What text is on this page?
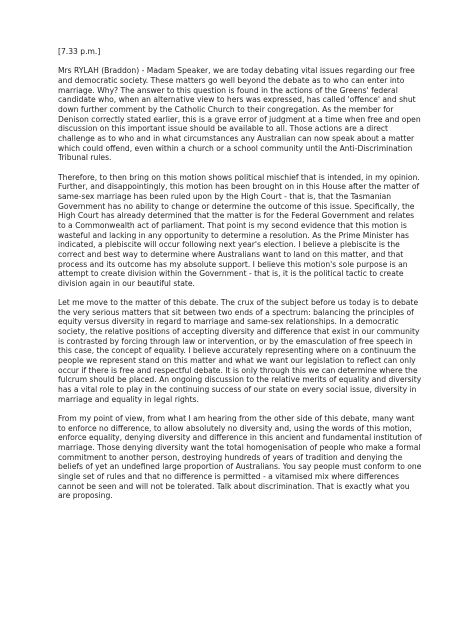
[7.33 p.m.]

Mrs RYLAH (Braddon) - Madam Speaker, we are today debating vital issues regarding our free and democratic society. These matters go well beyond the debate as to who can enter into marriage. Why? The answer to this question is found in the actions of the Greens' federal candidate who, when an alternative view to hers was expressed, has called 'offence' and shut down further comment by the Catholic Church to their congregation. As the member for Denison correctly stated earlier, this is a grave error of judgment at a time when free and open discussion on this important issue should be available to all. Those actions are a direct challenge as to who and in what circumstances any Australian can now speak about a matter which could offend, even within a church or a school community until the Anti-Discrimination Tribunal rules.

Therefore, to then bring on this motion shows political mischief that is intended, in my opinion. Further, and disappointingly, this motion has been brought on in this House after the matter of same-sex marriage has been ruled upon by the High Court - that is, that the Tasmanian Government has no ability to change or determine the outcome of this issue. Specifically, the High Court has already determined that the matter is for the Federal Government and relates to a Commonwealth act of parliament. That point is my second evidence that this motion is wasteful and lacking in any opportunity to determine a resolution. As the Prime Minister has indicated, a plebiscite will occur following next year's election. I believe a plebiscite is the correct and best way to determine where Australians want to land on this matter, and that process and its outcome has my absolute support. I believe this motion's sole purpose is an attempt to create division within the Government - that is, it is the political tactic to create division again in our beautiful state.

Let me move to the matter of this debate. The crux of the subject before us today is to debate the very serious matters that sit between two ends of a spectrum: balancing the principles of equity versus diversity in regard to marriage and same-sex relationships. In a democratic society, the relative positions of accepting diversity and difference that exist in our community is contrasted by forcing through law or intervention, or by the emasculation of free speech in this case, the concept of equality. I believe accurately representing where on a continuum the people we represent stand on this matter and what we want our legislation to reflect can only occur if there is free and respectful debate. It is only through this we can determine where the fulcrum should be placed. An ongoing discussion to the relative merits of equality and diversity has a vital role to play in the continuing success of our state on every social issue, diversity in marriage and equality in legal rights.

From my point of view, from what I am hearing from the other side of this debate, many want to enforce no difference, to allow absolutely no diversity and, using the words of this motion, enforce equality, denying diversity and difference in this ancient and fundamental institution of marriage. Those denying diversity want the total homogenisation of people who make a formal commitment to another person, destroying hundreds of years of tradition and denying the beliefs of yet an undefined large proportion of Australians. You say people must conform to one single set of rules and that no difference is permitted - a vitamised mix where differences cannot be seen and will not be tolerated. Talk about discrimination. That is exactly what you are proposing.
